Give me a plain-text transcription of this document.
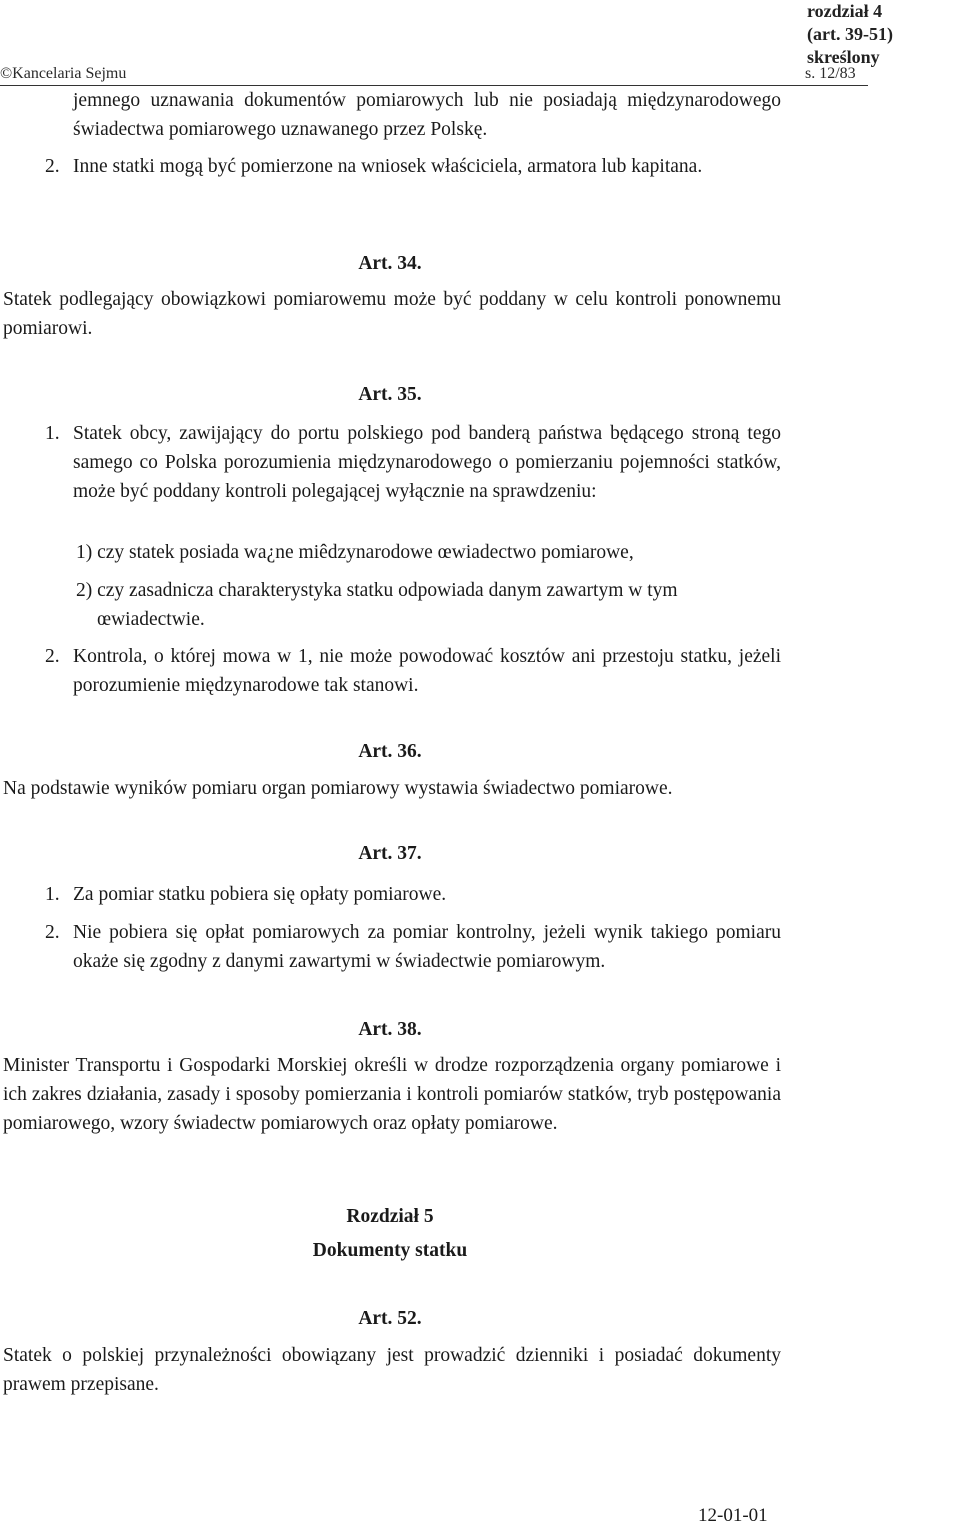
rozdział 4 (art. 39-51) skreślony
©Kancelaria Sejmu	s. 12/83
jemnego uznawania dokumentów pomiarowych lub nie posiadają międzynarodowego świadectwa pomiarowego uznawanego przez Polskę.
2. Inne statki mogą być pomierzone na wniosek właściciela, armatora lub kapitana.
Art. 34.
Statek podlegający obowiązkowi pomiarowemu może być poddany w celu kontroli ponownemu pomiarowi.
Art. 35.
1. Statek obcy, zawijający do portu polskiego pod banderą państwa będącego stroną tego samego co Polska porozumienia międzynarodowego o pomierzaniu pojemności statków, może być poddany kontroli polegającej wyłącznie na sprawdzeniu:
1) czy statek posiada wa¿ne miêdzynarodowe œwiadectwo pomiarowe,
2) czy zasadnicza charakterystyka statku odpowiada danym zawartym w tym œwiadectwie.
2. Kontrola, o której mowa w 1, nie może powodować kosztów ani przestoju statku, jeżeli porozumienie międzynarodowe tak stanowi.
Art. 36.
Na podstawie wyników pomiaru organ pomiarowy wystawia świadectwo pomiarowe.
Art. 37.
1. Za pomiar statku pobiera się opłaty pomiarowe.
2. Nie pobiera się opłat pomiarowych za pomiar kontrolny, jeżeli wynik takiego pomiaru okaże się zgodny z danymi zawartymi w świadectwie pomiarowym.
Art. 38.
Minister Transportu i Gospodarki Morskiej określi w drodze rozporządzenia organy pomiarowe i ich zakres działania, zasady i sposoby pomierzania i kontroli pomiarów statków, tryb postępowania pomiarowego, wzory świadectw pomiarowych oraz opłaty pomiarowe.
Rozdział 5
Dokumenty statku
Art. 52.
Statek o polskiej przynależności obowiązany jest prowadzić dzienniki i posiadać dokumenty prawem przepisane.
12-01-01
